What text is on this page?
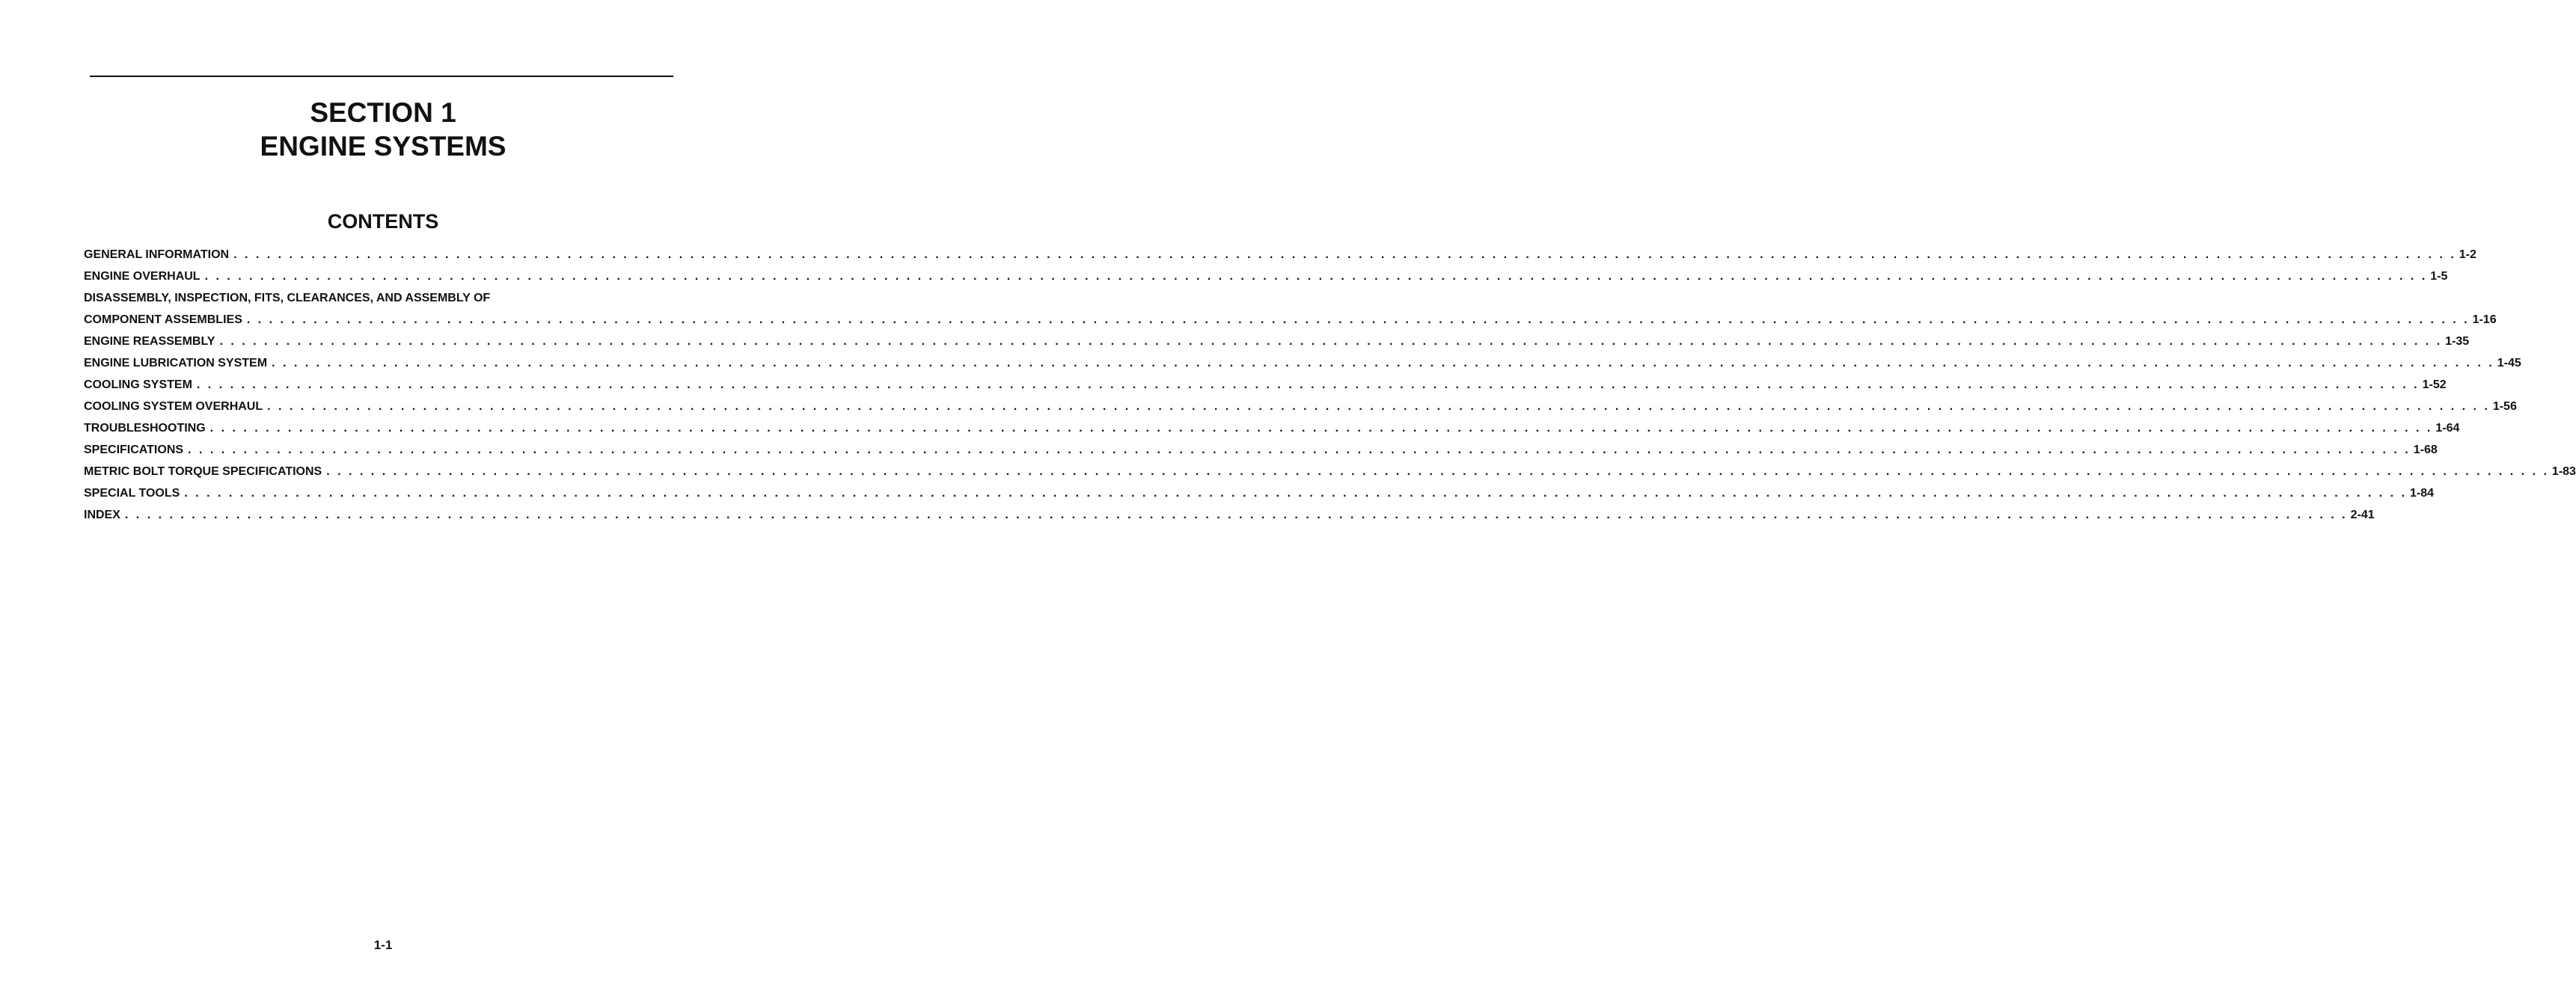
SECTION 1
ENGINE SYSTEMS
CONTENTS
GENERAL INFORMATION . . . . . . . . . . . . . . . . . . . . . . . . . . . . . . . . . . . . . . . . . . . . . . . . . . . . . . . . . . . . . . . . . . . . . . . . . . . . . . . . . . . . . . . . . . . . . . . . . . . . . . . . . . . . . . . . . . . . . . . . . . . . . . . . . . . . . . . . . . . . . . . . . . . . . . . . . . . . . . . . . . . . . . . . . . . . . . . . . . . . . . . . . . . . . . . . . . . . . . . . 1-2
ENGINE OVERHAUL . . . . . . . . . . . . . . . . . . . . . . . . . . . . . . . . . . . . . . . . . . . . . . . . . . . . . . . . . . . . . . . . . . . . . . . . . . . . . . . . . . . . . . . . . . . . . . . . . . . . . . . . . . . . . . . . . . . . . . . . . . . . . . . . . . . . . . . . . . . . . . . . . . . . . . . . . . . . . . . . . . . . . . . . . . . . . . . . . . . . . . . . . . . . . . . . . . . . . . . . 1-5
DISASSEMBLY, INSPECTION, FITS, CLEARANCES, AND ASSEMBLY OF
COMPONENT ASSEMBLIES . . . . . . . . . . . . . . . . . . . . . . . . . . . . . . . . . . . . . . . . . . . . . . . . . . . . . . . . . . . . . . . . . . . . . . . . . . . . . . . . . . . . . . . . . . . . . . . . . . . . . . . . . . . . . . . . . . . . . . . . . . . . . . . . . . . . . . . . . . . . . . . . . . . . . . . . . . . . . . . . . . . . . . . . . . . . . . . . . . . . . . . . . . . . . . . . . . . . . . . . 1-16
ENGINE REASSEMBLY . . . . . . . . . . . . . . . . . . . . . . . . . . . . . . . . . . . . . . . . . . . . . . . . . . . . . . . . . . . . . . . . . . . . . . . . . . . . . . . . . . . . . . . . . . . . . . . . . . . . . . . . . . . . . . . . . . . . . . . . . . . . . . . . . . . . . . . . . . . . . . . . . . . . . . . . . . . . . . . . . . . . . . . . . . . . . . . . . . . . . . . . . . . . . . . . . . . . . . . . 1-35
ENGINE LUBRICATION SYSTEM . . . . . . . . . . . . . . . . . . . . . . . . . . . . . . . . . . . . . . . . . . . . . . . . . . . . . . . . . . . . . . . . . . . . . . . . . . . . . . . . . . . . . . . . . . . . . . . . . . . . . . . . . . . . . . . . . . . . . . . . . . . . . . . . . . . . . . . . . . . . . . . . . . . . . . . . . . . . . . . . . . . . . . . . . . . . . . . . . . . . . . . . . . . . . . . . . . . . . . . . 1-45
COOLING SYSTEM . . . . . . . . . . . . . . . . . . . . . . . . . . . . . . . . . . . . . . . . . . . . . . . . . . . . . . . . . . . . . . . . . . . . . . . . . . . . . . . . . . . . . . . . . . . . . . . . . . . . . . . . . . . . . . . . . . . . . . . . . . . . . . . . . . . . . . . . . . . . . . . . . . . . . . . . . . . . . . . . . . . . . . . . . . . . . . . . . . . . . . . . . . . . . . . . . . . . . . . . 1-52
COOLING SYSTEM OVERHAUL . . . . . . . . . . . . . . . . . . . . . . . . . . . . . . . . . . . . . . . . . . . . . . . . . . . . . . . . . . . . . . . . . . . . . . . . . . . . . . . . . . . . . . . . . . . . . . . . . . . . . . . . . . . . . . . . . . . . . . . . . . . . . . . . . . . . . . . . . . . . . . . . . . . . . . . . . . . . . . . . . . . . . . . . . . . . . . . . . . . . . . . . . . . . . . . . . . . . . . . . 1-56
TROUBLESHOOTING . . . . . . . . . . . . . . . . . . . . . . . . . . . . . . . . . . . . . . . . . . . . . . . . . . . . . . . . . . . . . . . . . . . . . . . . . . . . . . . . . . . . . . . . . . . . . . . . . . . . . . . . . . . . . . . . . . . . . . . . . . . . . . . . . . . . . . . . . . . . . . . . . . . . . . . . . . . . . . . . . . . . . . . . . . . . . . . . . . . . . . . . . . . . . . . . . . . . . . . . 1-64
SPECIFICATIONS . . . . . . . . . . . . . . . . . . . . . . . . . . . . . . . . . . . . . . . . . . . . . . . . . . . . . . . . . . . . . . . . . . . . . . . . . . . . . . . . . . . . . . . . . . . . . . . . . . . . . . . . . . . . . . . . . . . . . . . . . . . . . . . . . . . . . . . . . . . . . . . . . . . . . . . . . . . . . . . . . . . . . . . . . . . . . . . . . . . . . . . . . . . . . . . . . . . . . . . . 1-68
METRIC BOLT TORQUE SPECIFICATIONS . . . . . . . . . . . . . . . . . . . . . . . . . . . . . . . . . . . . . . . . . . . . . . . . . . . . . . . . . . . . . . . . . . . . . . . . . . . . . . . . . . . . . . . . . . . . . . . . . . . . . . . . . . . . . . . . . . . . . . . . . . . . . . . . . . . . . . . . . . . . . . . . . . . . . . . . . . . . . . . . . . . . . . . . . . . . . . . . . . . . . . . . . . . . . . . . . . . . . . . . 1-83
SPECIAL TOOLS . . . . . . . . . . . . . . . . . . . . . . . . . . . . . . . . . . . . . . . . . . . . . . . . . . . . . . . . . . . . . . . . . . . . . . . . . . . . . . . . . . . . . . . . . . . . . . . . . . . . . . . . . . . . . . . . . . . . . . . . . . . . . . . . . . . . . . . . . . . . . . . . . . . . . . . . . . . . . . . . . . . . . . . . . . . . . . . . . . . . . . . . . . . . . . . . . . . . . . . . 1-84
INDEX . . . . . . . . . . . . . . . . . . . . . . . . . . . . . . . . . . . . . . . . . . . . . . . . . . . . . . . . . . . . . . . . . . . . . . . . . . . . . . . . . . . . . . . . . . . . . . . . . . . . . . . . . . . . . . . . . . . . . . . . . . . . . . . . . . . . . . . . . . . . . . . . . . . . . . . . . . . . . . . . . . . . . . . . . . . . . . . . . . . . . . . . . . . . . . . . . . . . . . . . 2-41
1-1
